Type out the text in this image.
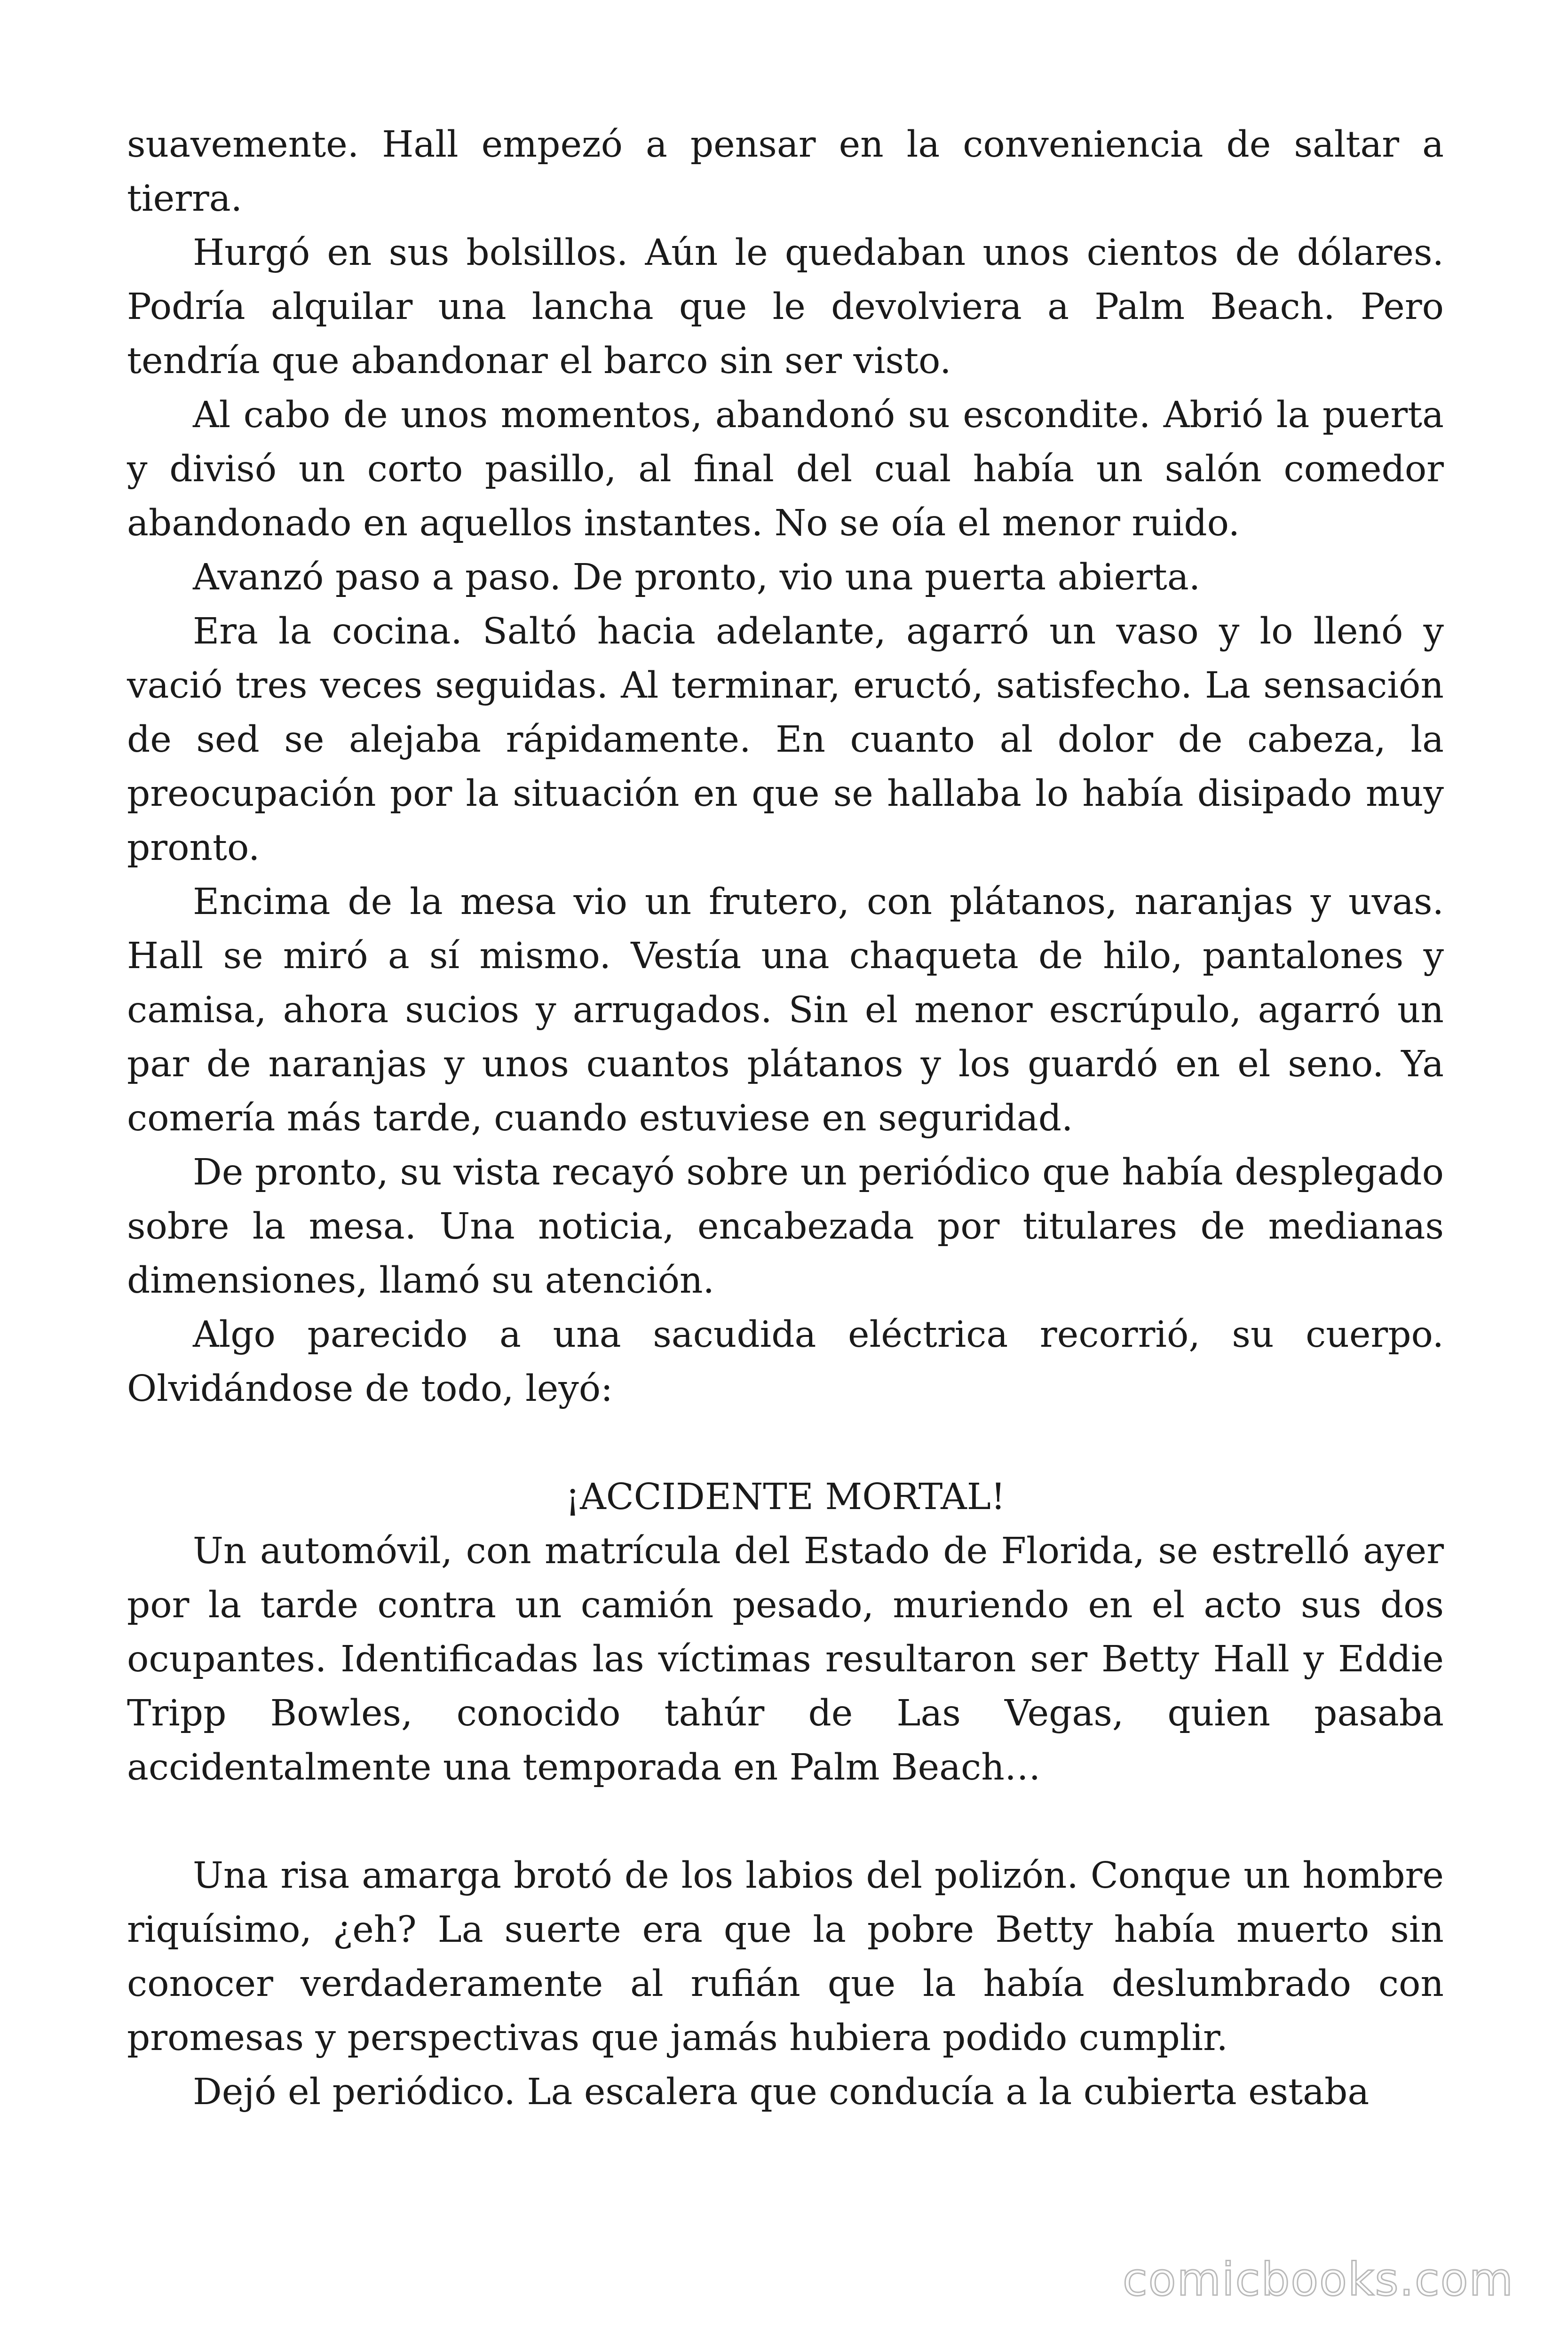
suavemente. Hall empezó a pensar en la conveniencia de saltar a tierra.

Hurgó en sus bolsillos. Aún le quedaban unos cientos de dólares. Podría alquilar una lancha que le devolviera a Palm Beach. Pero tendría que abandonar el barco sin ser visto.

Al cabo de unos momentos, abandonó su escondite. Abrió la puerta y divisó un corto pasillo, al final del cual había un salón comedor abandonado en aquellos instantes. No se oía el menor ruido.

Avanzó paso a paso. De pronto, vio una puerta abierta.

Era la cocina. Saltó hacia adelante, agarró un vaso y lo llenó y vació tres veces seguidas. Al terminar, eructó, satisfecho. La sensación de sed se alejaba rápidamente. En cuanto al dolor de cabeza, la preocupación por la situación en que se hallaba lo había disipado muy pronto.

Encima de la mesa vio un frutero, con plátanos, naranjas y uvas. Hall se miró a sí mismo. Vestía una chaqueta de hilo, pantalones y camisa, ahora sucios y arrugados. Sin el menor escrúpulo, agarró un par de naranjas y unos cuantos plátanos y los guardó en el seno. Ya comería más tarde, cuando estuviese en seguridad.

De pronto, su vista recayó sobre un periódico que había desplegado sobre la mesa. Una noticia, encabezada por titulares de medianas dimensiones, llamó su atención.

Algo parecido a una sacudida eléctrica recorrió, su cuerpo. Olvidándose de todo, leyó:

¡ACCIDENTE MORTAL!

Un automóvil, con matrícula del Estado de Florida, se estrelló ayer por la tarde contra un camión pesado, muriendo en el acto sus dos ocupantes. Identificadas las víctimas resultaron ser Betty Hall y Eddie Tripp Bowles, conocido tahúr de Las Vegas, quien pasaba accidentalmente una temporada en Palm Beach…

Una risa amarga brotó de los labios del polizón. Conque un hombre riquísimo, ¿eh? La suerte era que la pobre Betty había muerto sin conocer verdaderamente al rufián que la había deslumbrado con promesas y perspectivas que jamás hubiera podido cumplir.

Dejó el periódico. La escalera que conducía a la cubierta estaba

comicbooks.com
